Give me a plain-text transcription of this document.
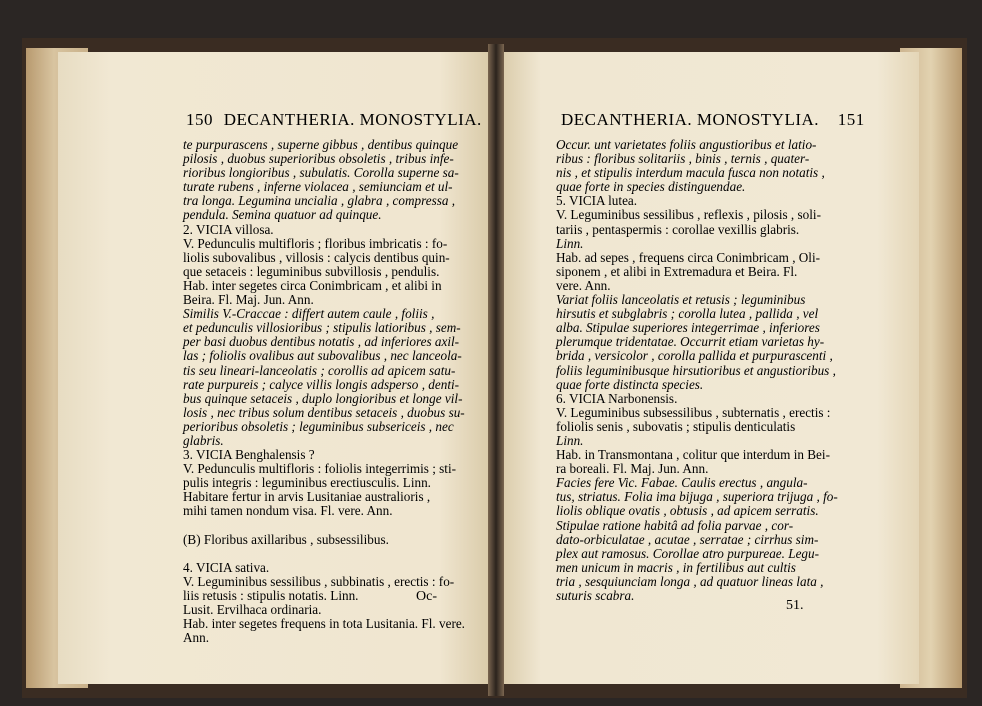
150 DECANTHERIA. MONOSTYLIA.	DECANTHERIA. MONOSTYLIA. 151
te purpurascens , superne gibbus , dentibus quinque
pilosis , duobus superioribus obsoletis , tribus infe-
rioribus longioribus , subulatis. Corolla superne sa-
turate rubens , inferne violacea , semiunciam et ul-
tra longa. Legumina uncialia , glabra , compressa ,
pendula. Semina quatuor ad quinque.
2. VICIA villosa.
V. Pedunculis multifloris ; floribus imbricatis : fo-
liolis subovalibus , villosis : calycis dentibus quin-
que setaceis : leguminibus subvillosis , pendulis.
Hab. inter segetes circa Conimbricam , et alibi in
Beira. Fl. Maj. Jun. Ann.
Similis V.-Craccae : differt autem caule , foliis ,
et pedunculis villosioribus ; stipulis latioribus , sem-
per basi duobus dentibus notatis , ad inferiores axil-
las ; foliolis ovalibus aut subovalibus , nec lanceola-
tis seu lineari-lanceolatis ; corollis ad apicem satu-
rate purpureis ; calyce villis longis adsperso , denti-
bus quinque setaceis , duplo longioribus et longe vil-
losis , nec tribus solum dentibus setaceis , duobus su-
perioribus obsoletis ; leguminibus subsericeis , nec
glabris.
3. VICIA Benghalensis ?
V. Pedunculis multifloris : foliolis integerrimis ; sti-
pulis integris : leguminibus erectiusculis. Linn.
Habitare fertur in arvis Lusitaniae australioris ,
mihi tamen nondum visa. Fl. vere. Ann.
(B) Floribus axillaribus , subsessilibus.
4. VICIA sativa.
V. Leguminibus sessilibus , subbinatis , erectis : fo-
liis retusis : stipulis notatis. Linn.
Lusit. Ervilhaca ordinaria.
Hab. inter segetes frequens in tota Lusitania. Fl. vere.
Ann.
Oc-
Occur. unt varietates foliis angustioribus et latio-
ribus : floribus solitariis , binis , ternis , quater-
nis , et stipulis interdum macula fusca non notatis ,
quae forte in species distinguendae.
5. VICIA lutea.
V. Leguminibus sessilibus , reflexis , pilosis , soli-
tariis , pentaspermis : corollae vexillis glabris.
Linn.
Hab. ad sepes , frequens circa Conimbricam , Oli-
siponem , et alibi in Extremadura et Beira. Fl.
vere. Ann.
Variat foliis lanceolatis et retusis ; leguminibus
hirsutis et subglabris ; corolla lutea , pallida , vel
alba. Stipulae superiores integerrimae , inferiores
plerumque tridentatae. Occurrit etiam varietas hy-
brida , versicolor , corolla pallida et purpurascenti ,
foliis leguminibusque hirsutioribus et angustioribus ,
quae forte distincta species.
6. VICIA Narbonensis.
V. Leguminibus subsessilibus , subternatis , erectis :
foliolis senis , subovatis ; stipulis denticulatis
Linn.
Hab. in Transmontana , colitur que interdum in Bei-
ra boreali. Fl. Maj. Jun. Ann.
Facies fere Vic. Fabae. Caulis erectus , angula-
tus, striatus. Folia ima bijuga , superiora trijuga , fo-
liolis oblique ovatis , obtusis , ad apicem serratis.
Stipulae ratione habitâ ad folia parvae , cor-
dato-orbiculatae , acutae , serratae ; cirrhus sim-
plex aut ramosus. Corollae atro purpureae. Legu-
men unicum in macris , in fertilibus aut cultis
tria , sesquiunciam longa , ad quatuor lineas lata ,
suturis scabra.
51.
